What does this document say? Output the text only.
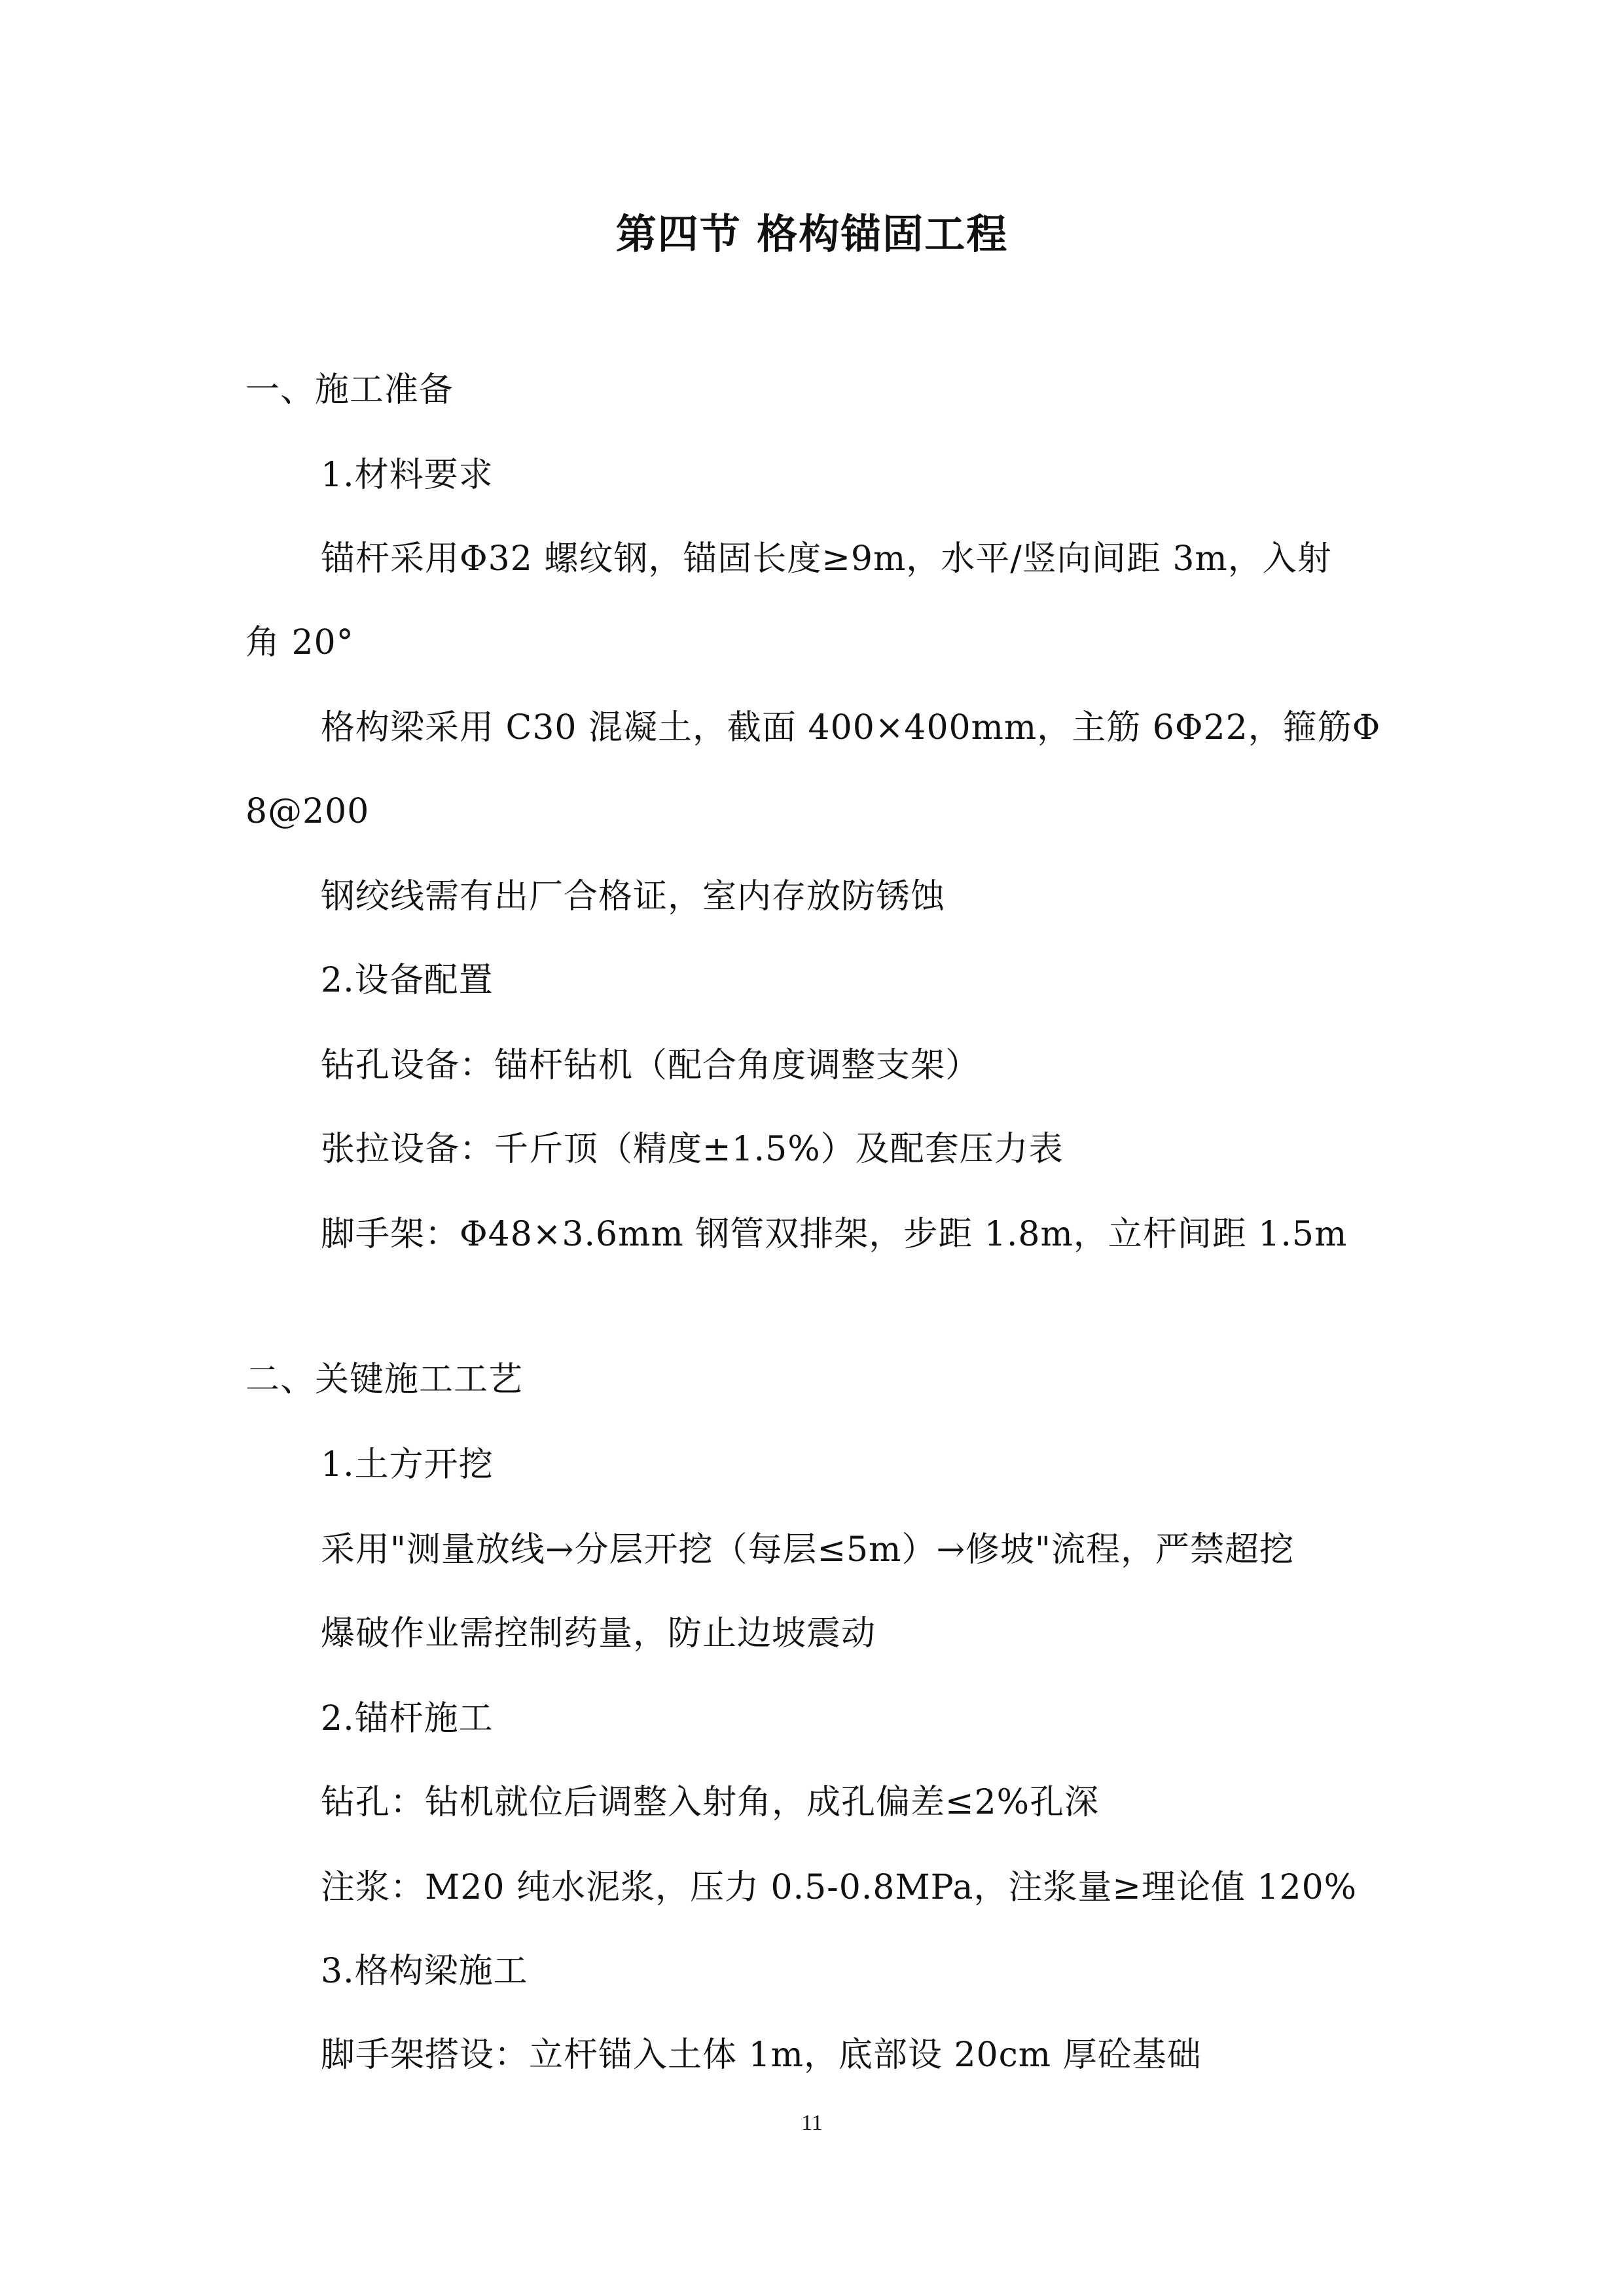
第四节 格构锚固工程
一、施工准备
1.材料要求
锚杆采用Φ32 螺纹钢，锚固长度≥9m，水平/竖向间距 3m，入射
角 20°
格构梁采用 C30 混凝土，截面 400×400mm，主筋 6Φ22，箍筋Φ
8@200
钢绞线需有出厂合格证，室内存放防锈蚀
2.设备配置
钻孔设备：锚杆钻机（配合角度调整支架）
张拉设备：千斤顶（精度±1.5%）及配套压力表
脚手架：Φ48×3.6mm 钢管双排架，步距 1.8m，立杆间距 1.5m
二、关键施工工艺
1.土方开挖
采用"测量放线→分层开挖（每层≤5m）→修坡"流程，严禁超挖
爆破作业需控制药量，防止边坡震动
2.锚杆施工
钻孔：钻机就位后调整入射角，成孔偏差≤2%孔深
注浆：M20 纯水泥浆，压力 0.5-0.8MPa，注浆量≥理论值 120%
3.格构梁施工
脚手架搭设：立杆锚入土体 1m，底部设 20cm 厚砼基础
11
